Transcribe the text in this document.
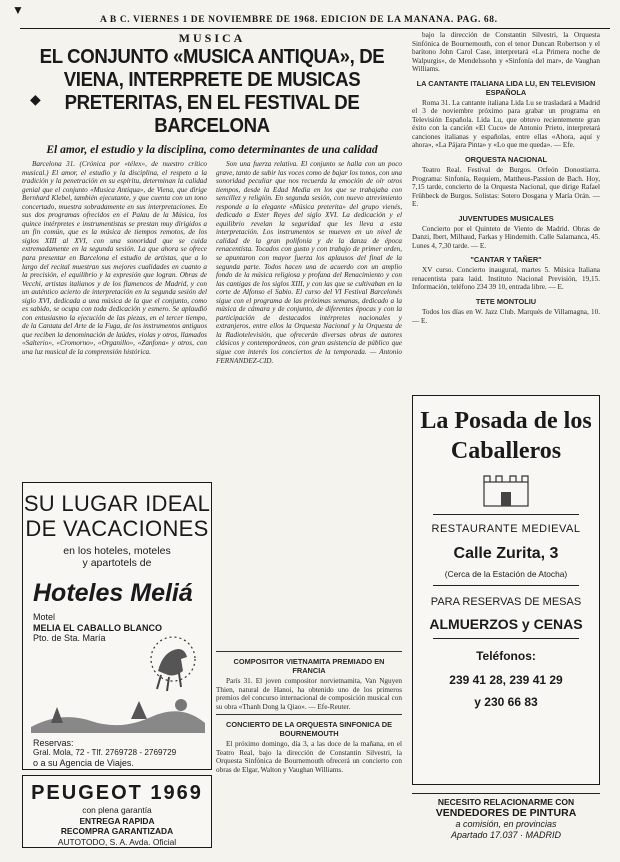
▼
A B C. VIERNES 1 DE NOVIEMBRE DE 1968. EDICION DE LA MAÑANA. PAG. 68.
MUSICA
EL CONJUNTO «MUSICA ANTIQUA», DE VIENA, INTERPRETE DE MUSICAS PRETERITAS, EN EL FESTIVAL DE BARCELONA
◆
El amor, el estudio y la disciplina, como determinantes de una calidad

Barcelona 31. (Crónica por «télex», de nuestro crítico musical.) El amor, el estudio y la disciplina, el respeto a la tradición y la penetración en su espíritu, determinan la calidad genial que el conjunto «Musica Antiqua», de Viena, que dirige Bernhard Klebel, también ejecutante, y que cuenta con un tono concertado, muestra sobradamente en sus interpretaciones. En sus dos programas ofrecidos en el Palau de la Música, los quince intérpretes e instrumentistas se prestan muy dirigidos a un fin común, que es la música de tiempos remotos, de los siglos XIII al XVI, con una sonoridad que se cuida extremadamente en la segunda sesión. La que ahora se ofrece para presentar en Barcelona el estudio de artistas, que a lo largo del recital muestran sus mejores cualidades en cuanto a la precisión, el equilibrio y la expresión que logran. Obras de Vecchi, artistas italianos y de los flamencos de Madrid, y con un auténtico acierto de interpretación en la segunda sesión del siglo XVI, dedicada a una música de la que el conjunto, como es sabido, se ocupa con toda dedicación y esmero. Se aplaudió con entusiasmo la ejecución de las piezas, en el tercer tiempo, de la Cantata del Arte de la Fuga, de los instrumentos antiguos que reciben la denominación de laúdes, violas y otros, llamados «Salterio», «Cromorno», «Organillo», «Zanfona» y otros, con una luz musical de la comprensión histórica.

Son una fuerza relativa. El conjunto se halla con un poco grave, tanto de subir las voces como de bajar los tonos, con una sonoridad peculiar que nos recuerda la emoción de oír otros tiempos, desde la Edad Media en los que se trabajaba con sencillez y religión. En segunda sesión, con nuevo atrevimiento responde a la elegante «Música preterita» del grupo vienés, dedicado a Ester Reyes del siglo XVI. La dedicación y el equilibrio revelan la seguridad que les lleva a esta interpretación. Los instrumentos se mueven en un nivel de calidad de la gran polifonía y de la danza de época renacentista. Tocados con gusto y con trabajo de primer orden, se apuntaron con mayor fuerza los aplausos del final de la segunda parte. Todos hacen una de acuerdo con un amplio fondo de la música religiosa y profana del Renacimiento y con las cantigas de los siglos XIII, y con las que se cultivaban en la corte de Alfonso el Sabio. El curso del VI Festival Barcelonés sigue con el programa de las próximas semanas, dedicado a la música de cámara y de conjunto, de diferentes épocas y con la participación de destacados intérpretes nacionales y extranjeros, entre ellos la Orquesta Nacional y la Orquesta de la Radiotelevisión, que ofrecerán diversas obras de autores clásicos y contemporáneos, con gran asistencia de público que sigue con interés los conciertos de la temporada. — Antonio FERNANDEZ-CID.

COMPOSITOR VIETNAMITA PREMIADO EN FRANCIA

París 31. El joven compositor norvietnamita, Van Nguyen Thien, natural de Hanoi, ha obtenido uno de los primeros premios del concurso internacional de composición musical con su obra «Thanh Dong la Qiao». — Efe-Reuter.

CONCIERTO DE LA ORQUESTA SINFONICA DE BOURNEMOUTH

El próximo domingo, día 3, a las doce de la mañana, en el Teatro Real, bajo la dirección de Constantin Silvestri, la Orquesta Sinfónica de Bournemouth ofrecerá un concierto con obras de Elgar, Walton y Vaughan Williams.

bajo la dirección de Constantin Silvestri, la Orquesta Sinfónica de Bournemouth, con el tenor Duncan Robertson y el barítono John Carol Case, interpretará «La Primera noche de Walpurgis», de Mendelssohn y «Sinfonía del mar», de Vaughan Williams.

LA CANTANTE ITALIANA LIDA LU, EN TELEVISION ESPAÑOLA

Roma 31. La cantante italiana Lida Lu se trasladará a Madrid el 3 de noviembre próximo para grabar un programa en Televisión Española. Lida Lu, que obtuvo recientemente gran éxito con la canción «El Cuco» de Antonio Prieto, interpretará canciones italianas y españolas, entre ellas «Ahora, aquí y ahora», «La Pájara Pinta» y «Lo que me queda». — Efe.

ORQUESTA NACIONAL

Teatro Real. Festival de Burgos. Orfeón Donostiarra. Programa: Sinfonía, Requiem, Mattheus-Passion de Bach. Hoy, 7,15 tarde, concierto de la Orquesta Nacional, que dirige Rafael Frühbeck de Burgos. Solistas: Sotero Dosgana y María Orán. — E.

JUVENTUDES MUSICALES

Concierto por el Quinteto de Viento de Madrid. Obras de Danzi, Ibert, Milhaud, Farkas y Hindemith. Calle Salamanca, 45. Lunes 4, 7,30 tarde. — E.

"CANTAR Y TAÑER"

XV curso. Concierto inaugural, martes 5. Música Italiana renacentista para laúd. Instituto Nacional Previsión, 19,15. Información, teléfono 234 39 10, entrada libre. — E.

TETE MONTOLIU

Todos los días en W. Jazz Club. Marqués de Villamagna, 10. — E.

SU LUGAR IDEAL DE VACACIONES
en los hoteles, moteles
y apartotels de
Hoteles Meliá
Motel
MELIA EL CABALLO BLANCO
Pto. de Sta. María
Reservas:
Gral. Mola, 72 - Tlf. 2769728 - 2769729
o a su Agencia de Viajes.
PEUGEOT 1969
con plena garantía
ENTREGA RAPIDA
RECOMPRA GARANTIZADA
AUTOTODO, S. A. Avda. Oficial
La Posada de los
Caballeros
RESTAURANTE MEDIEVAL
Calle Zurita, 3
(Cerca de la Estación de Atocha)
PARA RESERVAS DE MESAS
ALMUERZOS y CENAS
Teléfonos:
239 41 28, 239 41 29
y 230 66 83
NECESITO RELACIONARME CON
VENDEDORES DE PINTURA
a comisión, en provincias
Apartado 17.037 · MADRID
